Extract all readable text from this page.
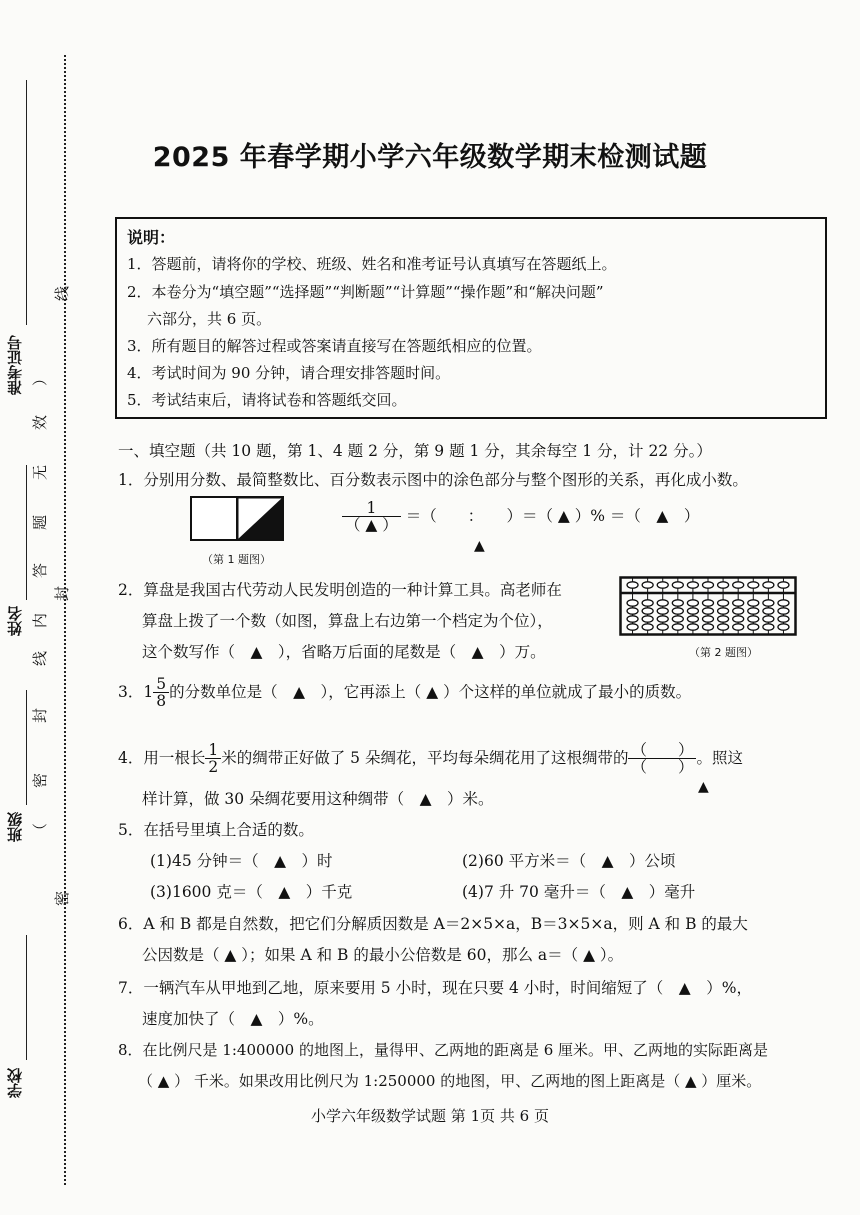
学校
班级
姓名
准考证号
（
密
封
线
内
答
题
无
效
）
线
封
密
2025 年春学期小学六年级数学期末检测试题
说明：
1．答题前，请将你的学校、班级、姓名和准考证号认真填写在答题纸上。
2．本卷分为“填空题”“选择题”“判断题”“计算题”“操作题”和“解决问题”
六部分，共 6 页。
3．所有题目的解答过程或答案请直接写在答题纸相应的位置。
4．考试时间为 90 分钟，请合理安排答题时间。
5．考试结束后，请将试卷和答题纸交回。
一、填空题（共 10 题，第 1、4 题 2 分，第 9 题 1 分，其余每空 1 分，计 22 分。）
1．分别用分数、最简整数比、百分数表示图中的涂色部分与整个图形的关系，再化成小数。
（第 1 题图）
$\frac{1}{( ▲ )}$ ＝（　　：　　）＝（ ▲ ）% ＝（　▲　）
▲
2．算盘是我国古代劳动人民发明创造的一种计算工具。高老师在
算盘上拨了一个数（如图，算盘上右边第一个档定为个位），
这个数写作（　▲　），省略万后面的尾数是（　▲　）万。	（第 2 题图）
3．$1 \frac{5}{8}$ 的分数单位是（　▲　），它再添上（ ▲ ）个这样的单位就成了最小的质数。
4．用一根长 $\frac{1}{2}$ 米的绸带正好做了 5 朵绸花，平均每朵绸花用了这根绸带的 $\frac{( )}{( )}$ 。照这
▲
样计算，做 30 朵绸花要用这种绸带（　▲　）米。
5．在括号里填上合适的数。
(1)45 分钟＝（　▲　）时	(2)60 平方米＝（　▲　）公顷
(3)1600 克＝（　▲　）千克	(4)7 升 70 毫升＝（　▲　）毫升
6．A 和 B 都是自然数，把它们分解质因数是 A＝2×5×a，B＝3×5×a，则 A 和 B 的最大
公因数是（ ▲ ）；如果 A 和 B 的最小公倍数是 60，那么 a＝（ ▲ ）。
7．一辆汽车从甲地到乙地，原来要用 5 小时，现在只要 4 小时，时间缩短了（　▲　）%，
速度加快了（　▲　）%。
8．在比例尺是 1:400000 的地图上，量得甲、乙两地的距离是 6 厘米。甲、乙两地的实际距离是
（ ▲ ） 千米。如果改用比例尺为 1:250000 的地图，甲、乙两地的图上距离是（ ▲ ）厘米。
小学六年级数学试题 第 1页 共 6 页
